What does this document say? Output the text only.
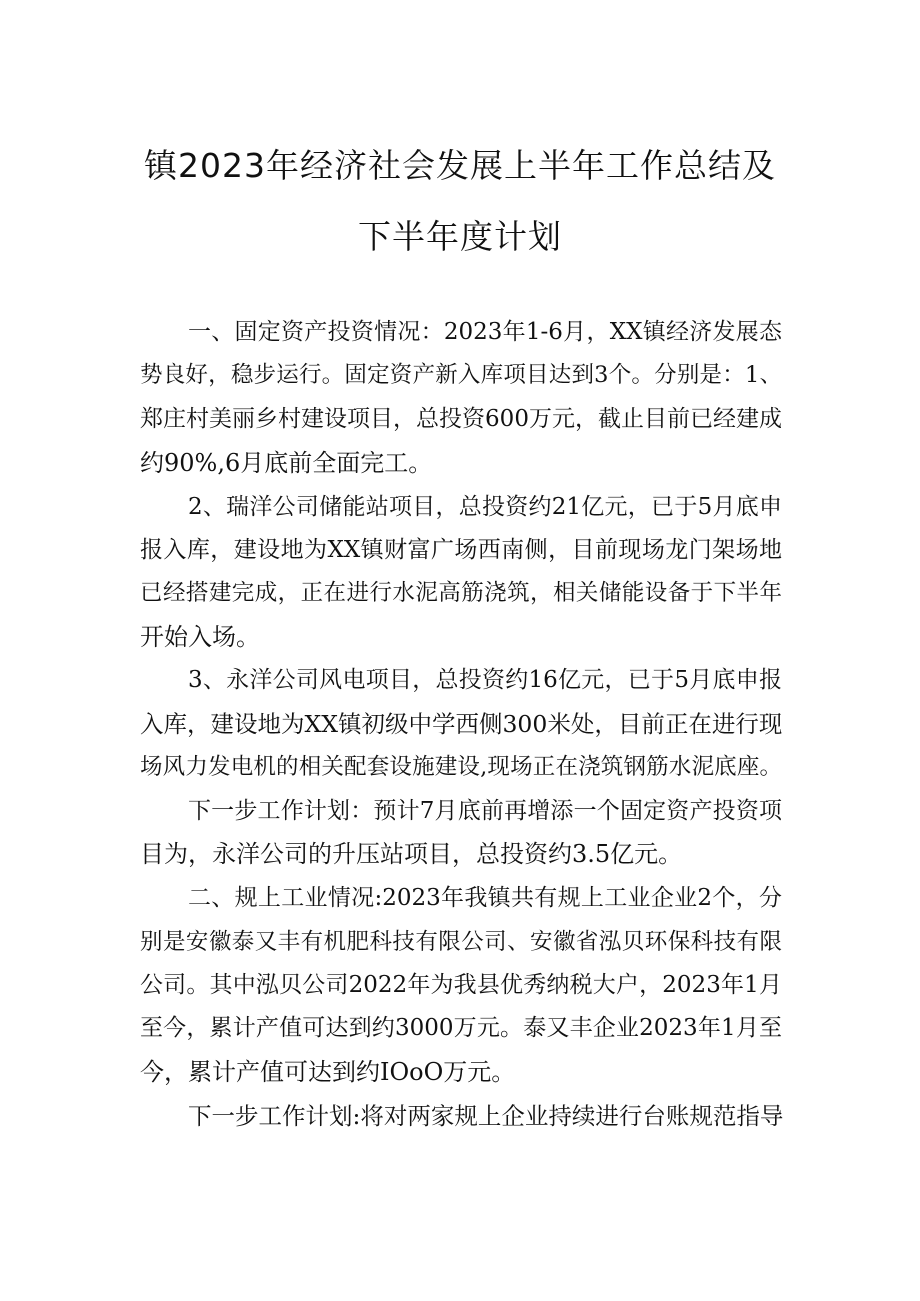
镇2023年经济社会发展上半年工作总结及
下半年度计划
一、固定资产投资情况：2023年1-6月，XX镇经济发展态
势良好，稳步运行。固定资产新入库项目达到3个。分别是：1、
郑庄村美丽乡村建设项目，总投资600万元，截止目前已经建成
约90%,6月底前全面完工。
2、瑞洋公司储能站项目，总投资约21亿元，已于5月底申
报入库，建设地为XX镇财富广场西南侧，目前现场龙门架场地
已经搭建完成，正在进行水泥高筋浇筑，相关储能设备于下半年
开始入场。
3、永洋公司风电项目，总投资约16亿元，已于5月底申报
入库，建设地为XX镇初级中学西侧300米处，目前正在进行现
场风力发电机的相关配套设施建设,现场正在浇筑钢筋水泥底座。
下一步工作计划：预计7月底前再增添一个固定资产投资项
目为，永洋公司的升压站项目，总投资约3.5亿元。
二、规上工业情况:2023年我镇共有规上工业企业2个，分
别是安徽泰又丰有机肥科技有限公司、安徽省泓贝环保科技有限
公司。其中泓贝公司2022年为我县优秀纳税大户，2023年1月
至今，累计产值可达到约3000万元。泰又丰企业2023年1月至
今，累计产值可达到约IOoO万元。
下一步工作计划:将对两家规上企业持续进行台账规范指导
